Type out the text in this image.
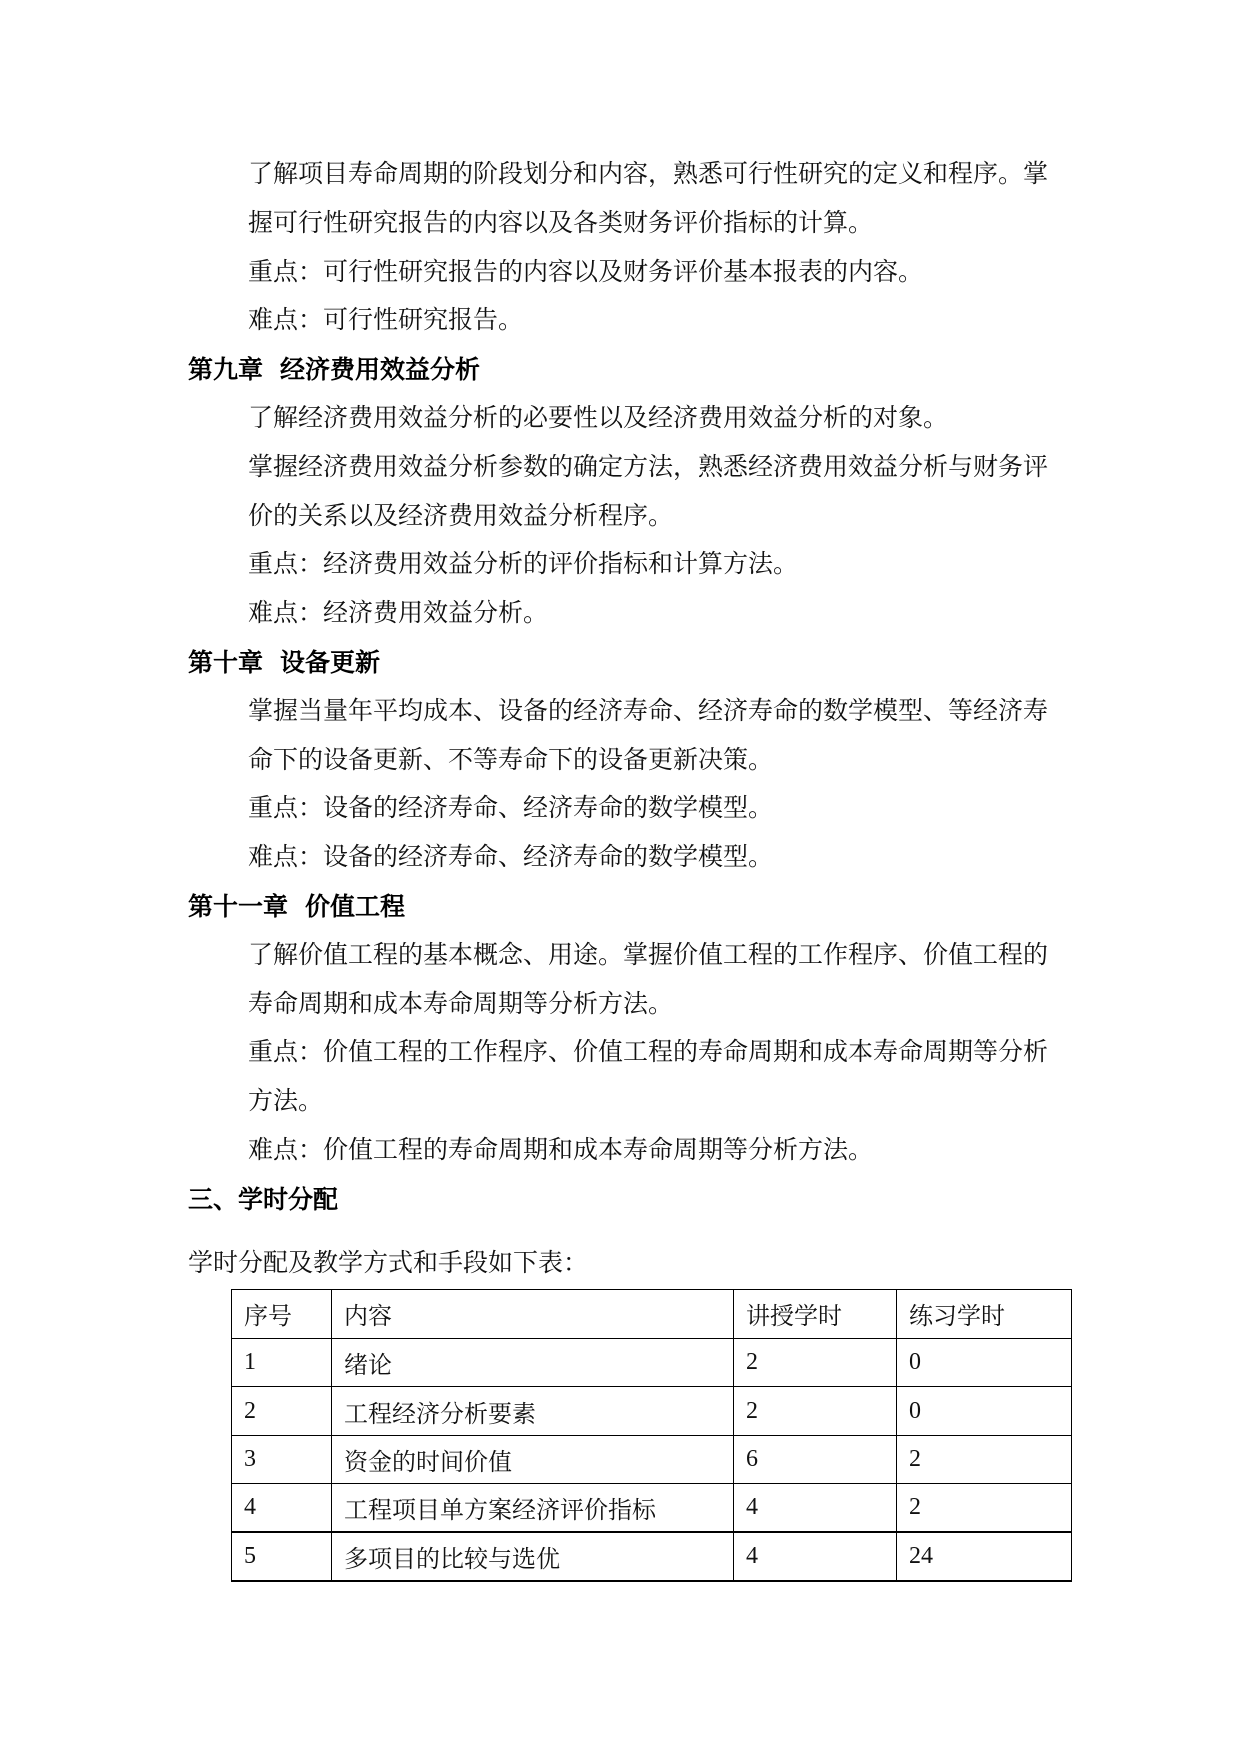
了解项目寿命周期的阶段划分和内容，熟悉可行性研究的定义和程序。掌
握可行性研究报告的内容以及各类财务评价指标的计算。
重点：可行性研究报告的内容以及财务评价基本报表的内容。
难点：可行性研究报告。
第九章 经济费用效益分析
了解经济费用效益分析的必要性以及经济费用效益分析的对象。
掌握经济费用效益分析参数的确定方法，熟悉经济费用效益分析与财务评
价的关系以及经济费用效益分析程序。
重点：经济费用效益分析的评价指标和计算方法。
难点：经济费用效益分析。
第十章 设备更新
掌握当量年平均成本、设备的经济寿命、经济寿命的数学模型、等经济寿
命下的设备更新、不等寿命下的设备更新决策。
重点：设备的经济寿命、经济寿命的数学模型。
难点：设备的经济寿命、经济寿命的数学模型。
第十一章 价值工程
了解价值工程的基本概念、用途。掌握价值工程的工作程序、价值工程的
寿命周期和成本寿命周期等分析方法。
重点：价值工程的工作程序、价值工程的寿命周期和成本寿命周期等分析
方法。
难点：价值工程的寿命周期和成本寿命周期等分析方法。
三、学时分配
学时分配及教学方式和手段如下表：
序号	内容	讲授学时	练习学时
1	绪论	2	0
2	工程经济分析要素	2	0
3	资金的时间价值	6	2
4	工程项目单方案经济评价指标	4	2
5	多项目的比较与选优	4	24
